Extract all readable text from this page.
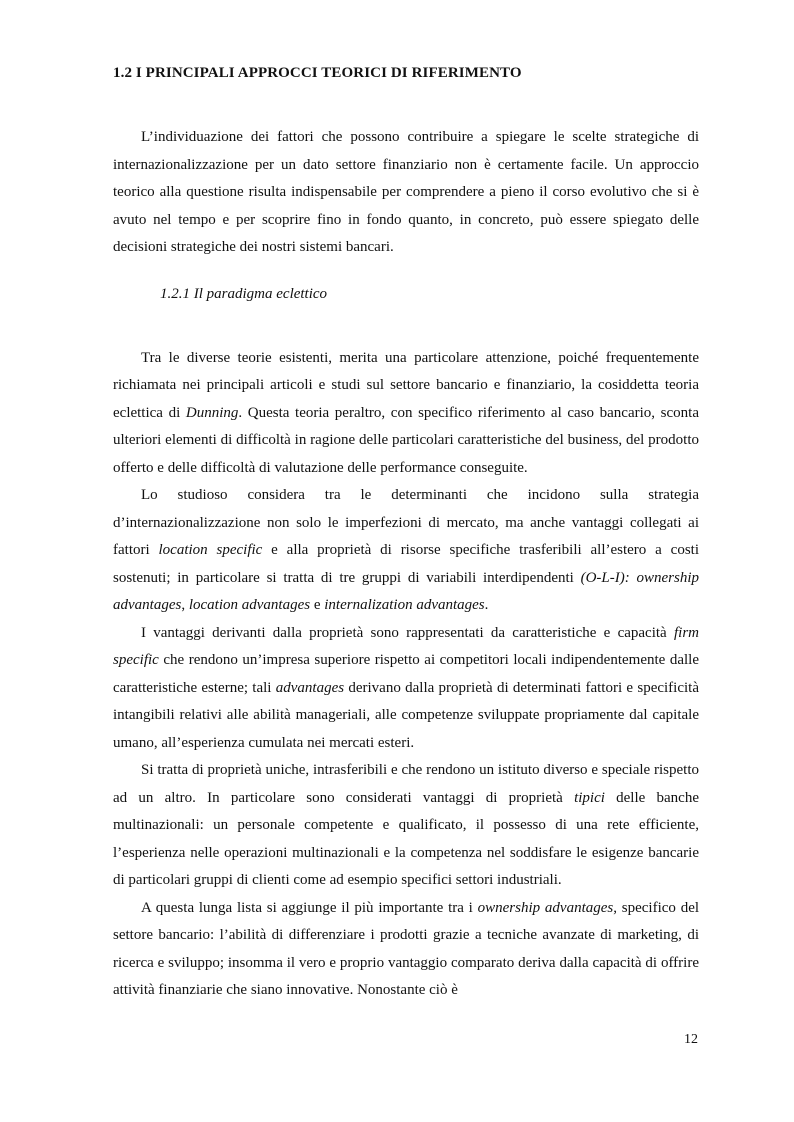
1.2 I PRINCIPALI APPROCCI TEORICI DI RIFERIMENTO

L’individuazione dei fattori che possono contribuire a spiegare le scelte strategiche di internazionalizzazione per un dato settore finanziario non è certamente facile. Un approccio teorico alla questione risulta indispensabile per comprendere a pieno il corso evolutivo che si è avuto nel tempo e per scoprire fino in fondo quanto, in concreto, può essere spiegato delle decisioni strategiche dei nostri sistemi bancari.

1.2.1 Il paradigma eclettico

Tra le diverse teorie esistenti, merita una particolare attenzione, poiché frequentemente richiamata nei principali articoli e studi sul settore bancario e finanziario, la cosiddetta teoria eclettica di Dunning. Questa teoria peraltro, con specifico riferimento al caso bancario, sconta ulteriori elementi di difficoltà in ragione delle particolari caratteristiche del business, del prodotto offerto e delle difficoltà di valutazione delle performance conseguite.

Lo studioso considera tra le determinanti che incidono sulla strategia d’internazionalizzazione non solo le imperfezioni di mercato, ma anche vantaggi collegati ai fattori location specific e alla proprietà di risorse specifiche trasferibili all’estero a costi sostenuti; in particolare si tratta di tre gruppi di variabili interdipendenti (O-L-I): ownership advantages, location advantages e internalization advantages.

I vantaggi derivanti dalla proprietà sono rappresentati da caratteristiche e capacità firm specific che rendono un’impresa superiore rispetto ai competitori locali indipendentemente dalle caratteristiche esterne; tali advantages derivano dalla proprietà di determinati fattori e specificità intangibili relativi alle abilità manageriali, alle competenze sviluppate propriamente dal capitale umano, all’esperienza cumulata nei mercati esteri.

Si tratta di proprietà uniche, intrasferibili e che rendono un istituto diverso e speciale rispetto ad un altro. In particolare sono considerati vantaggi di proprietà tipici delle banche multinazionali: un personale competente e qualificato, il possesso di una rete efficiente, l’esperienza nelle operazioni multinazionali e la competenza nel soddisfare le esigenze bancarie di particolari gruppi di clienti come ad esempio specifici settori industriali.

A questa lunga lista si aggiunge il più importante tra i ownership advantages, specifico del settore bancario: l’abilità di differenziare i prodotti grazie a tecniche avanzate di marketing, di ricerca e sviluppo; insomma il vero e proprio vantaggio comparato deriva dalla capacità di offrire attività finanziarie che siano innovative. Nonostante ciò è

12
